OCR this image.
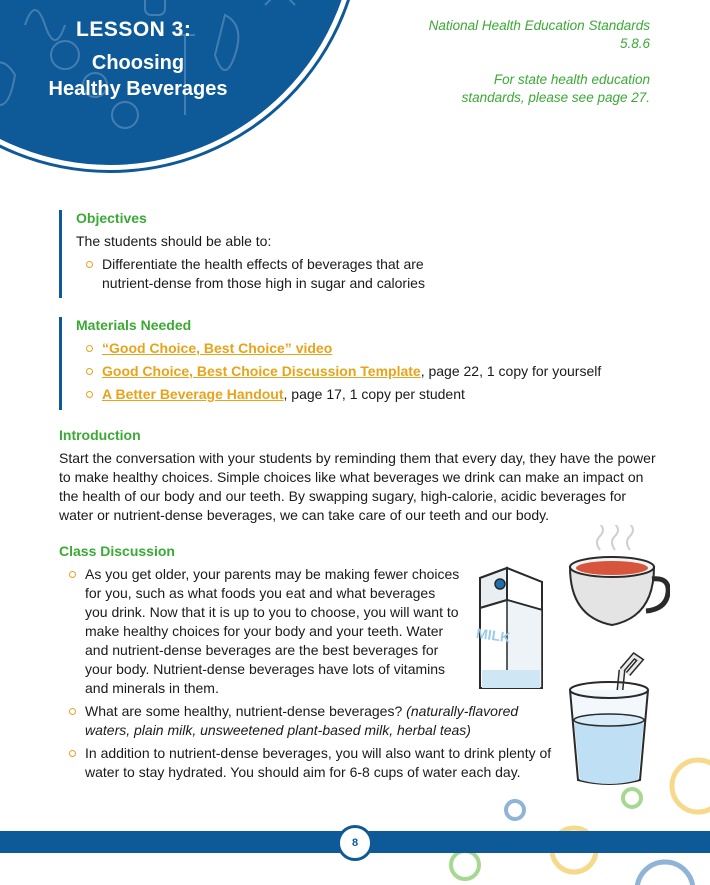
LESSON 3:
Choosing
Healthy Beverages

National Health Education Standards

5.8.6

For state health education

standards, please see page 27.

Objectives

The students should be able to:

Differentiate the health effects of beverages that are nutrient-dense from those high in sugar and calories
Materials Needed
“Good Choice, Best Choice” video
Good Choice, Best Choice Discussion Template, page 22, 1 copy for yourself
A Better Beverage Handout, page 17, 1 copy per student
Introduction

Start the conversation with your students by reminding them that every day, they have the power to make healthy choices. Simple choices like what beverages we drink can make an impact on the health of our body and our teeth. By swapping sugary, high-calorie, acidic beverages for water or nutrient-dense beverages, we can take care of our teeth and our body.

Class Discussion
As you get older, your parents may be making fewer choices for you, such as what foods you eat and what beverages you drink. Now that it is up to you to choose, you will want to make healthy choices for your body and your teeth. Water and nutrient-dense beverages are the best beverages for your body. Nutrient-dense beverages have lots of vitamins and minerals in them.
What are some healthy, nutrient-dense beverages? (naturally-flavored waters, plain milk, unsweetened plant-based milk, herbal teas)
In addition to nutrient-dense beverages, you will also want to drink plenty of water to stay hydrated. You should aim for 6-8 cups of water each day.
MILK
8
